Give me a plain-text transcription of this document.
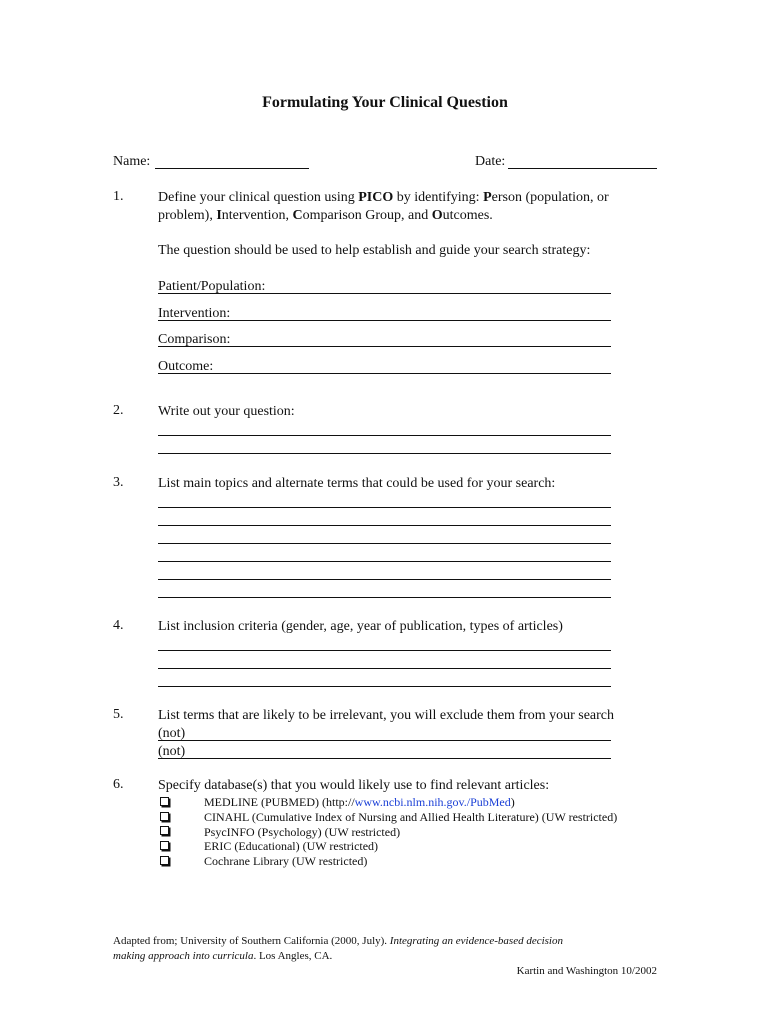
Formulating Your Clinical Question
Name:	Date:
1. Define your clinical question using PICO by identifying: Person (population, or
problem), Intervention, Comparison Group, and Outcomes.
The question should be used to help establish and guide your search strategy:
Patient/Population:
Intervention:
Comparison:
Outcome:
2. Write out your question:
3. List main topics and alternate terms that could be used for your search:
4. List inclusion criteria (gender, age, year of publication, types of articles)
5. List terms that are likely to be irrelevant, you will exclude them from your search
(not)
(not)
6. Specify database(s) that you would likely use to find relevant articles:
MEDLINE (PUBMED) (http://www.ncbi.nlm.nih.gov./PubMed)
CINAHL (Cumulative Index of Nursing and Allied Health Literature) (UW restricted)
PsycINFO (Psychology) (UW restricted)
ERIC (Educational) (UW restricted)
Cochrane Library (UW restricted)
Adapted from; University of Southern California (2000, July). Integrating an evidence-based decision
making approach into curricula. Los Angles, CA.
Kartin and Washington 10/2002
